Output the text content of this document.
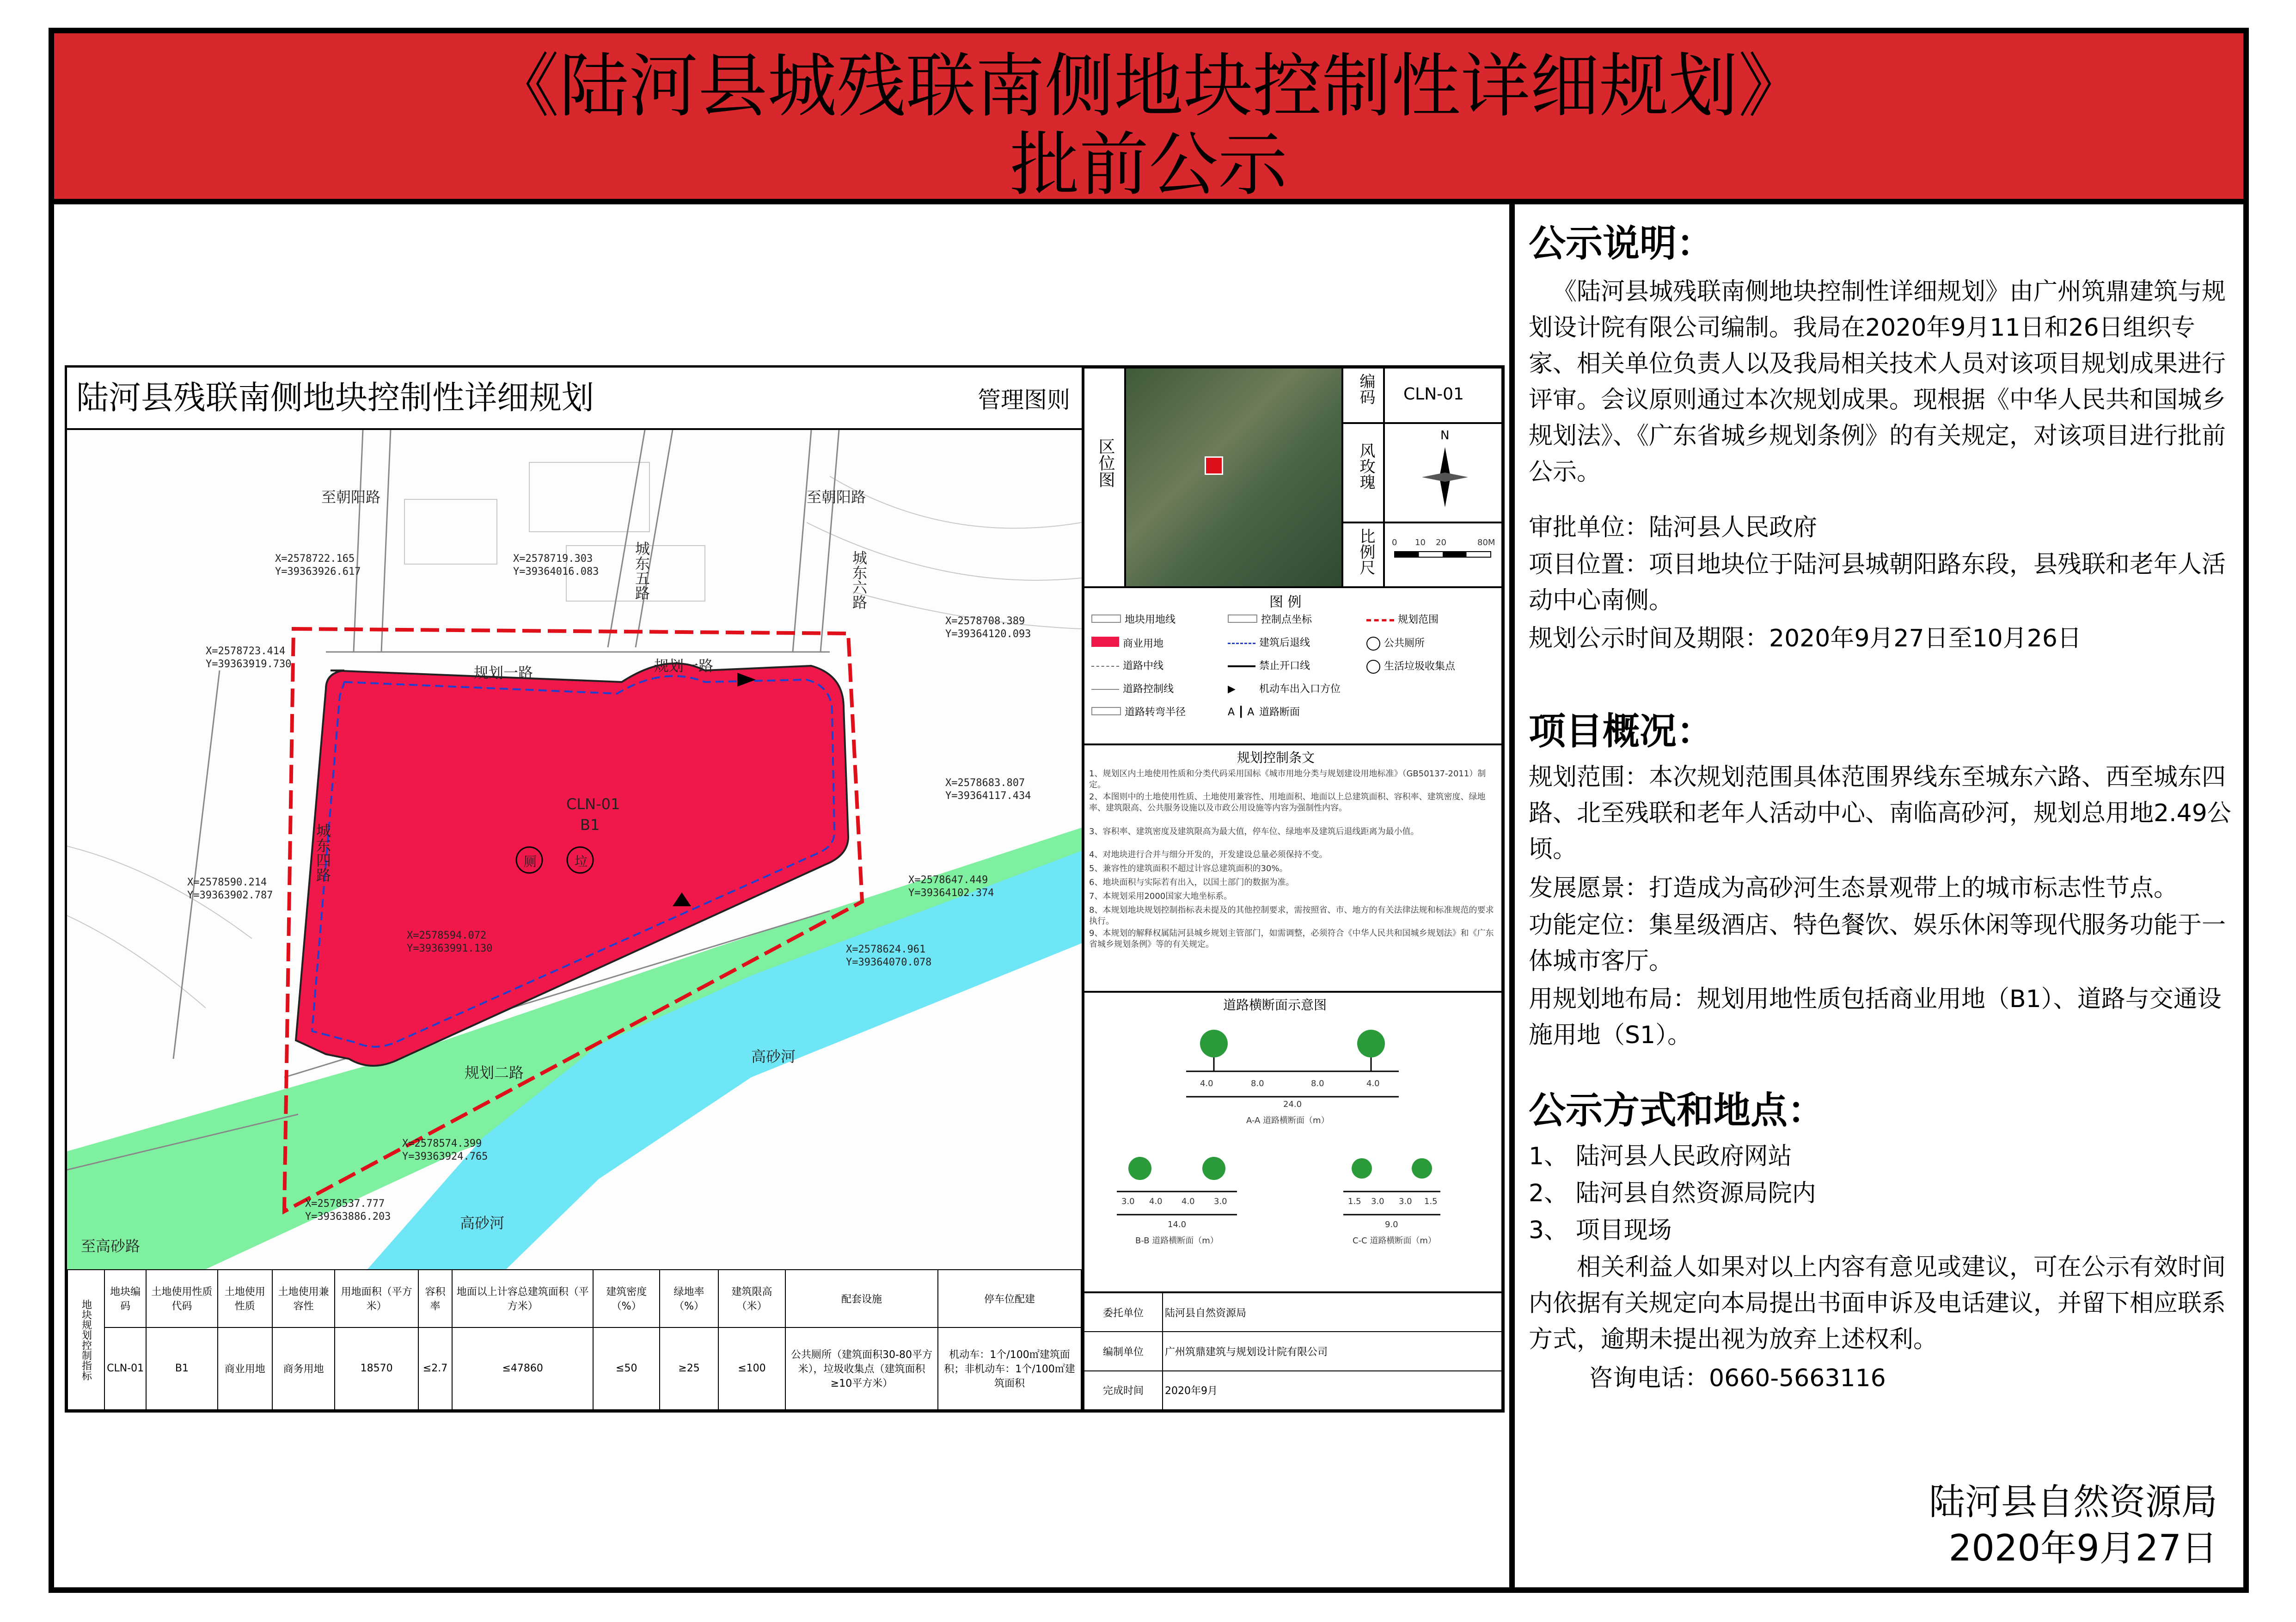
《陆河县城残联南侧地块控制性详细规划》
批前公示
陆河县残联南侧地块控制性详细规划	管理图则
至朝阳路	至朝阳路
城东五路	城东六路
城东四路
规划一路	规划一路
规划二路
高砂河
高砂河
至高砂路
CLN-01
B1
厕	垃
X=2578722.165
Y=39363926.617
X=2578719.303
Y=39364016.083
X=2578708.389
Y=39364120.093
X=2578723.414
Y=39363919.730
X=2578683.807
Y=39364117.434
X=2578647.449
Y=39364102.374
X=2578590.214
Y=39363902.787
X=2578594.072
Y=39363991.130	X=2578624.961
Y=39364070.078
X=2578574.399
Y=39363924.765
X=2578537.777
Y=39363886.203
地块规划控制指标	地块编码	土地使用性质代码	土地使用性质	土地使用兼容性	用地面积（平方米）	容积率	地面以上计容总建筑面积（平方米）	建筑密度（%）	绿地率（%）	建筑限高（米）	配套设施	停车位配建
	CLN-01	B1	商业用地	商务用地	18570	≤2.7	≤47860	≤50	≥25	≤100	公共厕所（建筑面积30-80平方米），垃圾收集点（建筑面积≥10平方米）	机动车：1个/100㎡建筑面积；非机动车：1个/100㎡建筑面积
区位图
编码 CLN-01
风玫瑰
N
比例尺 0 10 20	80M
图 例
地块用地线	控制点坐标	规划范围
商业用地	建筑后退线	公共厕所
道路中线	禁止开口线	生活垃圾收集点
道路控制线	▶ 机动车出入口方位
道路转弯半径	A ┃ A 道路断面
规划控制条文
1、规划区内土地使用性质和分类代码采用国标《城市用地分类与规划建设用地标准》（GB50137-2011）制定。
2、本图则中的土地使用性质、土地使用兼容性、用地面积、地面以上总建筑面积、容积率、建筑密度、绿地率、建筑限高、公共服务设施以及市政公用设施等内容为强制性内容。
3、容积率、建筑密度及建筑限高为最大值，停车位、绿地率及建筑后退线距离为最小值。
4、对地块进行合并与细分开发的，开发建设总量必须保持不变。
5、兼容性的建筑面积不超过计容总建筑面积的30%。
6、地块面积与实际若有出入，以国土部门的数据为准。
7、本规划采用2000国家大地坐标系。
8、本规划地块规划控制指标表未提及的其他控制要求，需按照省、市、地方的有关法律法规和标准规范的要求执行。
9、本规划的解释权属陆河县城乡规划主管部门，如需调整，必须符合《中华人民共和国城乡规划法》和《广东省城乡规划条例》等的有关规定。
道路横断面示意图
4.0	8.0	8.0	4.0
24.0
A-A 道路横断面（m）
3.0 4.0 4.0 3.0
14.0
B-B 道路横断面（m）
1.5 3.0 3.0 1.5
9.0
C-C 道路横断面（m）
委托单位	陆河县自然资源局
编制单位	广州筑鼎建筑与规划设计院有限公司
完成时间	2020年9月
公示说明：
《陆河县城残联南侧地块控制性详细规划》由广州筑鼎建筑与规划设计院有限公司编制。我局在2020年9月11日和26日组织专家、相关单位负责人以及我局相关技术人员对该项目规划成果进行评审。会议原则通过本次规划成果。现根据《中华人民共和国城乡规划法》、《广东省城乡规划条例》的有关规定，对该项目进行批前公示。
审批单位：陆河县人民政府
项目位置：项目地块位于陆河县城朝阳路东段，县残联和老年人活动中心南侧。
规划公示时间及期限：2020年9月27日至10月26日
项目概况：
规划范围：本次规划范围具体范围界线东至城东六路、西至城东四路、北至残联和老年人活动中心、南临高砂河，规划总用地2.49公顷。
发展愿景：打造成为高砂河生态景观带上的城市标志性节点。
功能定位：集星级酒店、特色餐饮、娱乐休闲等现代服务功能于一体城市客厅。
用规划地布局：规划用地性质包括商业用地（B1）、道路与交通设施用地（S1）。
公示方式和地点：
1、 陆河县人民政府网站
2、 陆河县自然资源局院内
3、 项目现场
相关利益人如果对以上内容有意见或建议，可在公示有效时间内依据有关规定向本局提出书面申诉及电话建议，并留下相应联系方式，逾期未提出视为放弃上述权利。
咨询电话：0660-5663116
陆河县自然资源局
2020年9月27日
